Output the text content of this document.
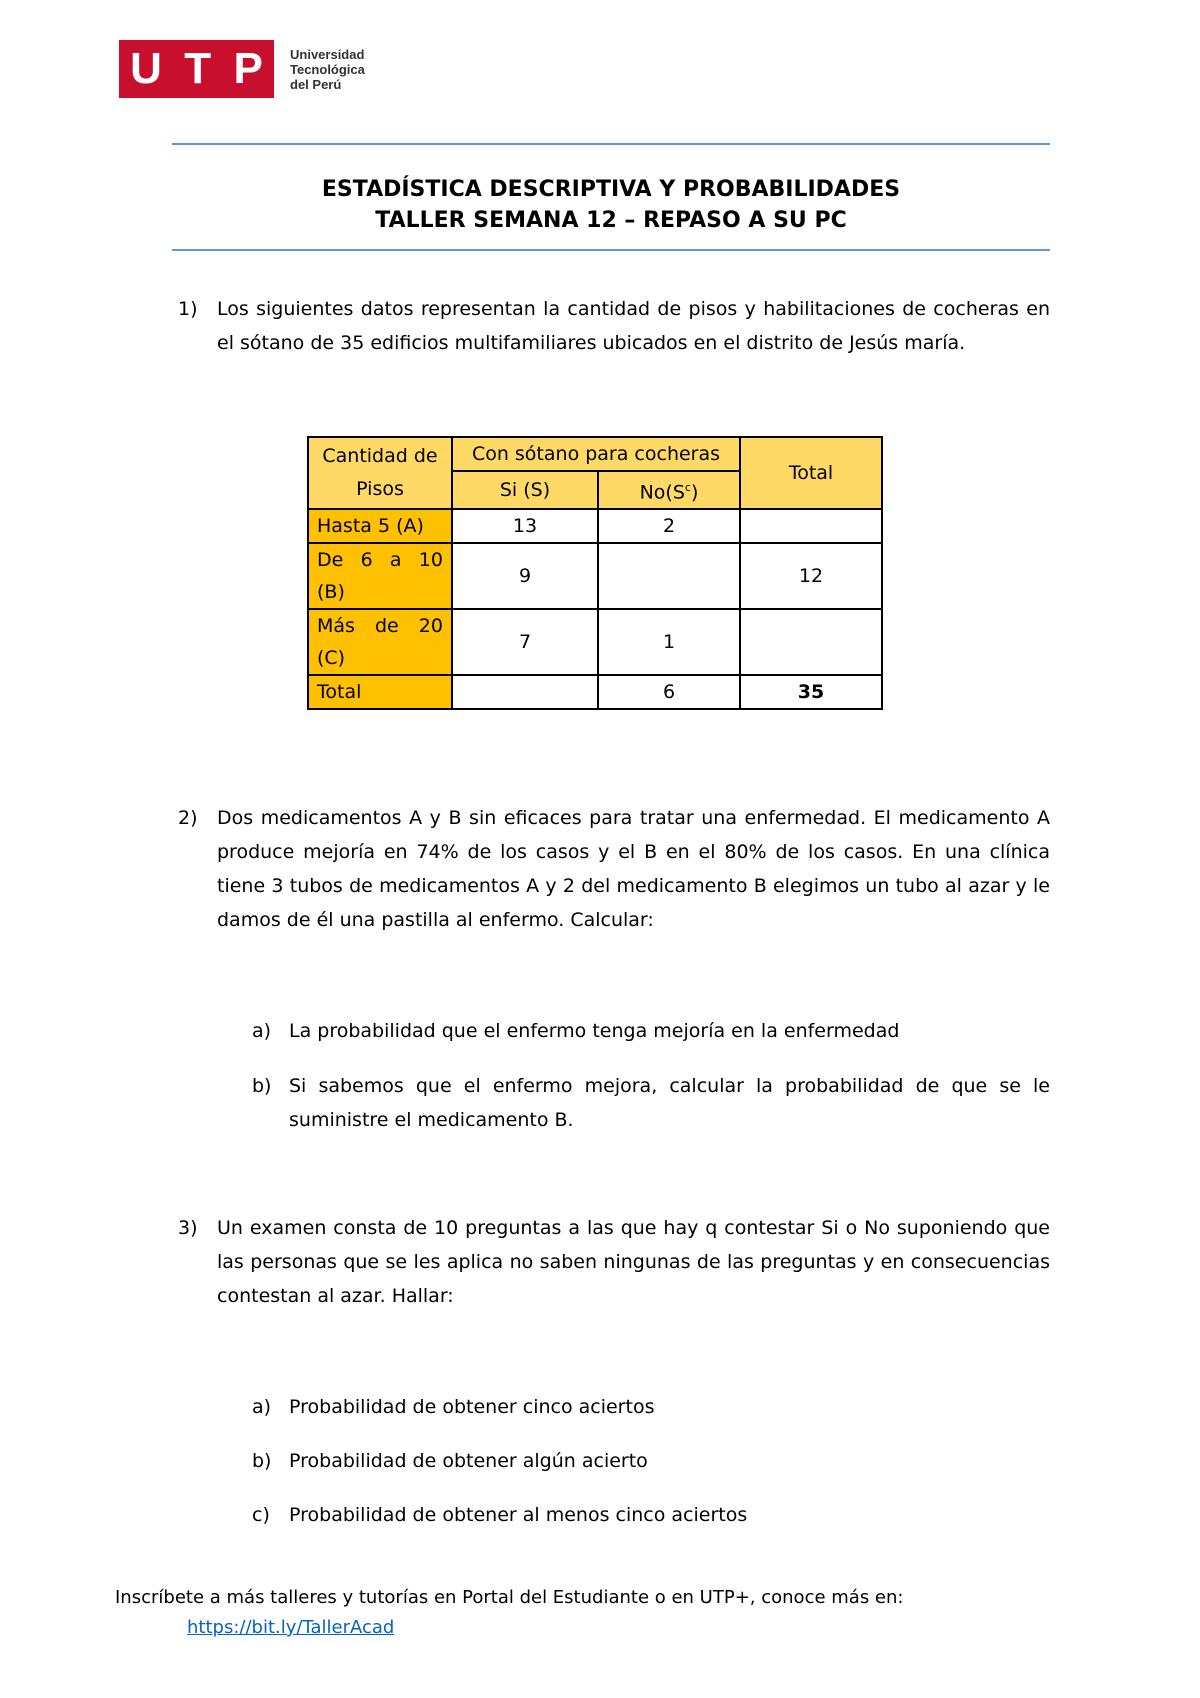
U T P Universidad
Tecnológica
del Perú
ESTADÍSTICA DESCRIPTIVA Y PROBABILIDADES
TALLER SEMANA 12 – REPASO A SU PC
1) Los siguientes datos representan la cantidad de pisos y habilitaciones de cocheras en el sótano de 35 edificios multifamiliares ubicados en el distrito de Jesús maría.
Cantidad de Pisos	Con sótano para cocheras		Total
	Si (S)	$No(S^c)$	
Hasta 5 (A)	13	2	
De 6 a 10 (B)	9		12
Más de 20 (C)	7	1	
Total		6	35
2) Dos medicamentos A y B sin eficaces para tratar una enfermedad. El medicamento A produce mejoría en 74% de los casos y el B en el 80% de los casos. En una clínica tiene 3 tubos de medicamentos A y 2 del medicamento B elegimos un tubo al azar y le damos de él una pastilla al enfermo. Calcular:
a) La probabilidad que el enfermo tenga mejoría en la enfermedad
b) Si sabemos que el enfermo mejora, calcular la probabilidad de que se le suministre el medicamento B.
3) Un examen consta de 10 preguntas a las que hay q contestar Si o No suponiendo que las personas que se les aplica no saben ningunas de las preguntas y en consecuencias contestan al azar. Hallar:
a) Probabilidad de obtener cinco aciertos
b) Probabilidad de obtener algún acierto
c) Probabilidad de obtener al menos cinco aciertos
Inscríbete a más talleres y tutorías en Portal del Estudiante o en UTP+, conoce más en:
https://bit.ly/TallerAcad
